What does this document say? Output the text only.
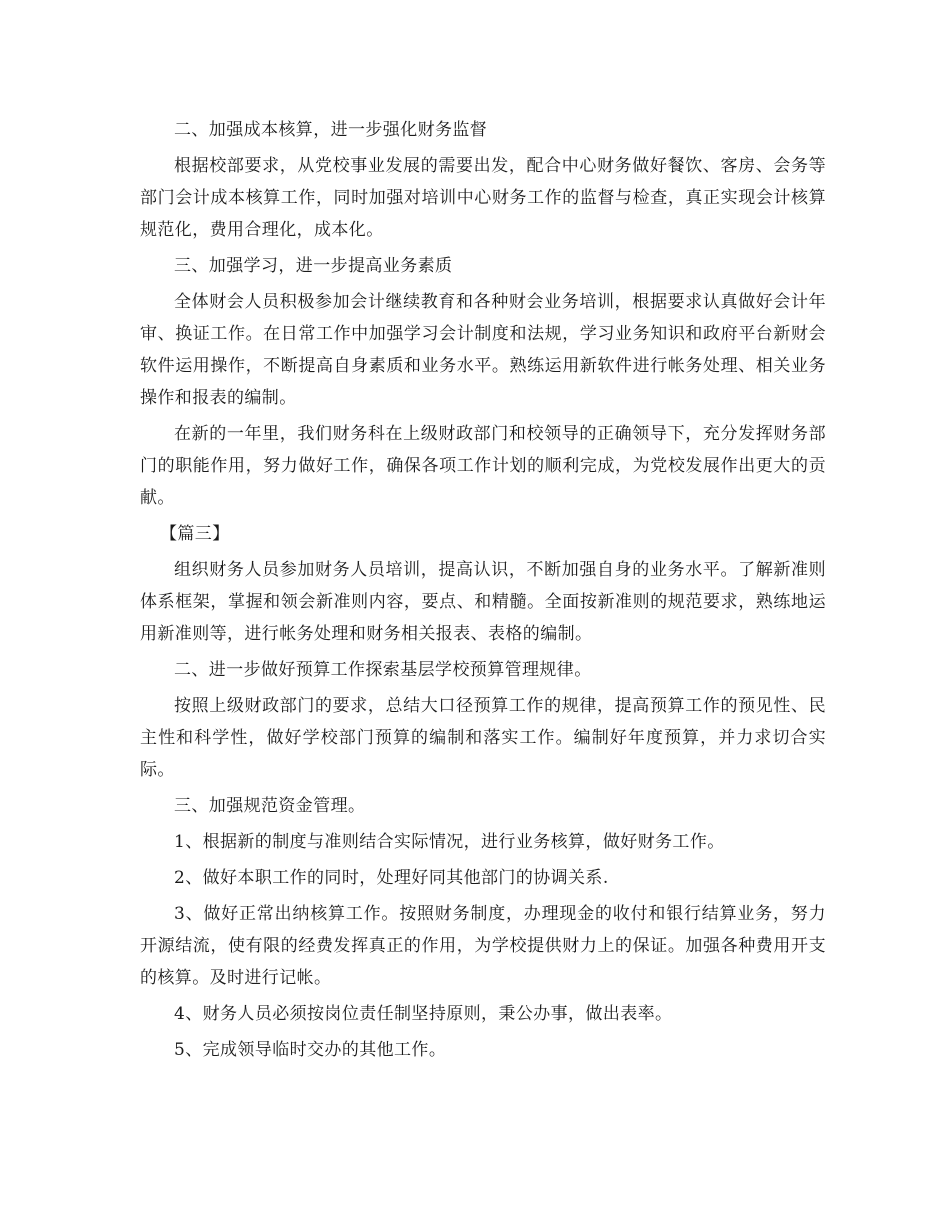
二、加强成本核算，进一步强化财务监督

根据校部要求，从党校事业发展的需要出发，配合中心财务做好餐饮、客房、会务等部门会计成本核算工作，同时加强对培训中心财务工作的监督与检查，真正实现会计核算规范化，费用合理化，成本化。

三、加强学习，进一步提高业务素质

全体财会人员积极参加会计继续教育和各种财会业务培训，根据要求认真做好会计年审、换证工作。在日常工作中加强学习会计制度和法规，学习业务知识和政府平台新财会软件运用操作，不断提高自身素质和业务水平。熟练运用新软件进行帐务处理、相关业务操作和报表的编制。

在新的一年里，我们财务科在上级财政部门和校领导的正确领导下，充分发挥财务部门的职能作用，努力做好工作，确保各项工作计划的顺利完成，为党校发展作出更大的贡献。

【篇三】

组织财务人员参加财务人员培训，提高认识，不断加强自身的业务水平。了解新准则体系框架，掌握和领会新准则内容，要点、和精髓。全面按新准则的规范要求，熟练地运用新准则等，进行帐务处理和财务相关报表、表格的编制。

二、进一步做好预算工作探索基层学校预算管理规律。

按照上级财政部门的要求，总结大口径预算工作的规律，提高预算工作的预见性、民主性和科学性，做好学校部门预算的编制和落实工作。编制好年度预算，并力求切合实际。

三、加强规范资金管理。

1、根据新的制度与准则结合实际情况，进行业务核算，做好财务工作。

2、做好本职工作的同时，处理好同其他部门的协调关系.

3、做好正常出纳核算工作。按照财务制度，办理现金的收付和银行结算业务，努力开源结流，使有限的经费发挥真正的作用，为学校提供财力上的保证。加强各种费用开支的核算。及时进行记帐。

4、财务人员必须按岗位责任制坚持原则，秉公办事，做出表率。

5、完成领导临时交办的其他工作。
